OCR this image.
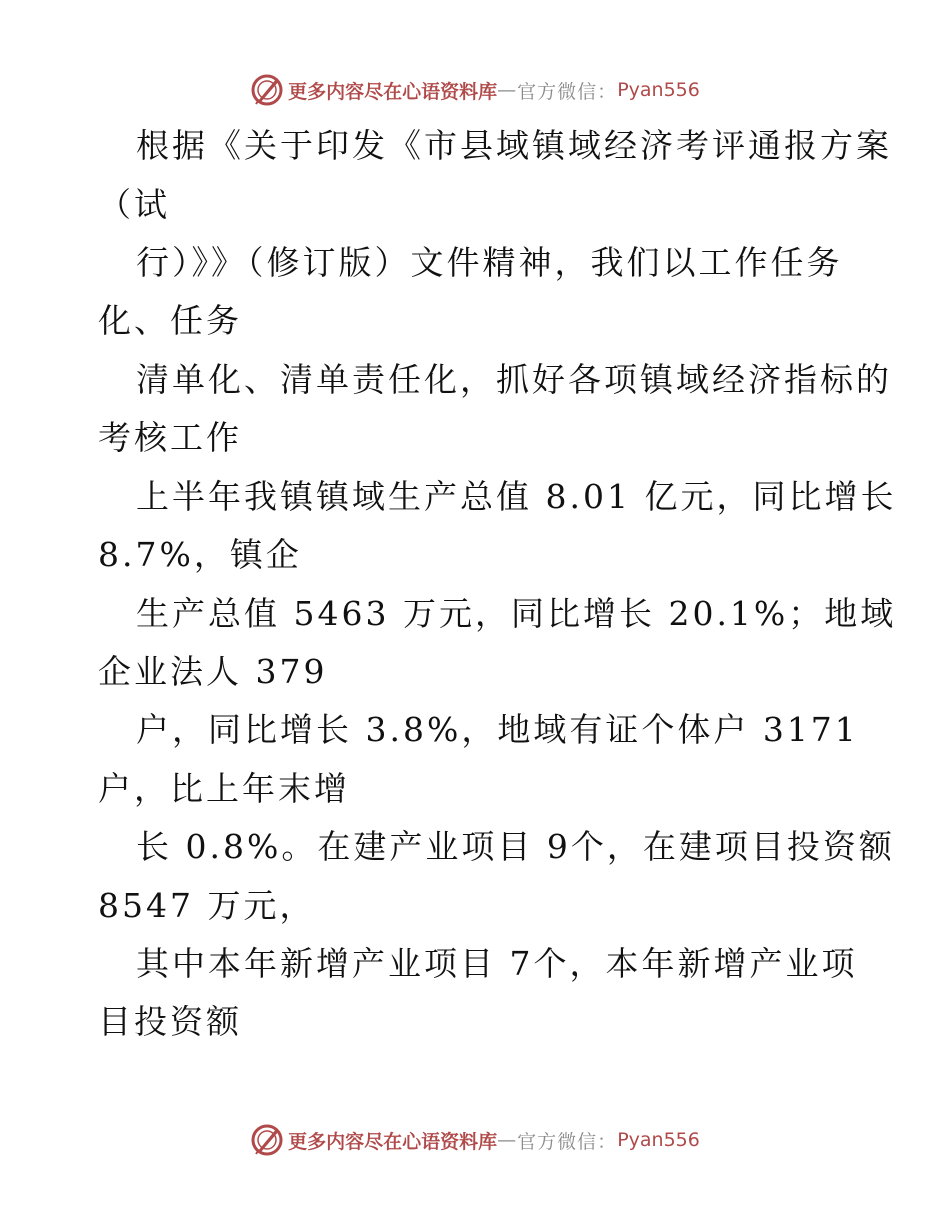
更多内容尽在心语资料库 — 官方微信： Pyan556
根据《关于印发《市县域镇域经济考评通报方案
（试
行）》》（修订版）文件精神，我们以工作任务
化、任务
清单化、清单责任化，抓好各项镇域经济指标的
考核工作
上半年我镇镇域生产总值 8.01 亿元，同比增长
8.7%，镇企
生产总值 5463 万元，同比增长 20.1%；地域
企业法人 379
户，同比增长 3.8%，地域有证个体户 3171
户，比上年末增
长 0.8%。在建产业项目 9个，在建项目投资额
8547 万元，
其中本年新增产业项目 7个，本年新增产业项
目投资额
更多内容尽在心语资料库 — 官方微信： Pyan556
